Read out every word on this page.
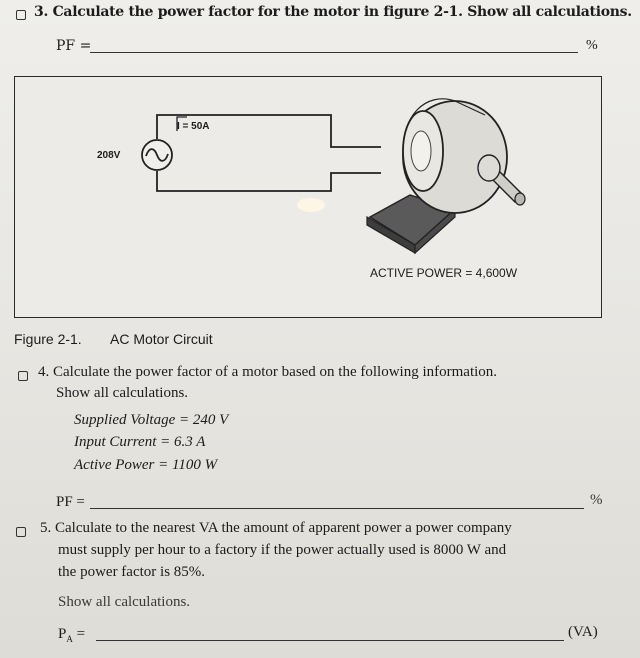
3. Calculate the power factor for the motor in figure 2-1. Show all calculations.
PF =	%
I = 50A
208V
ACTIVE POWER = 4,600W
Figure 2-1. AC Motor Circuit
4. Calculate the power factor of a motor based on the following information.
Show all calculations.
Supplied Voltage = 240 V
Input Current = 6.3 A
Active Power = 1100 W
PF =	%
5. Calculate to the nearest VA the amount of apparent power a power company
must supply per hour to a factory if the power actually used is 8000 W and
the power factor is 85%.
Show all calculations.
$P_A$ =	(VA)
